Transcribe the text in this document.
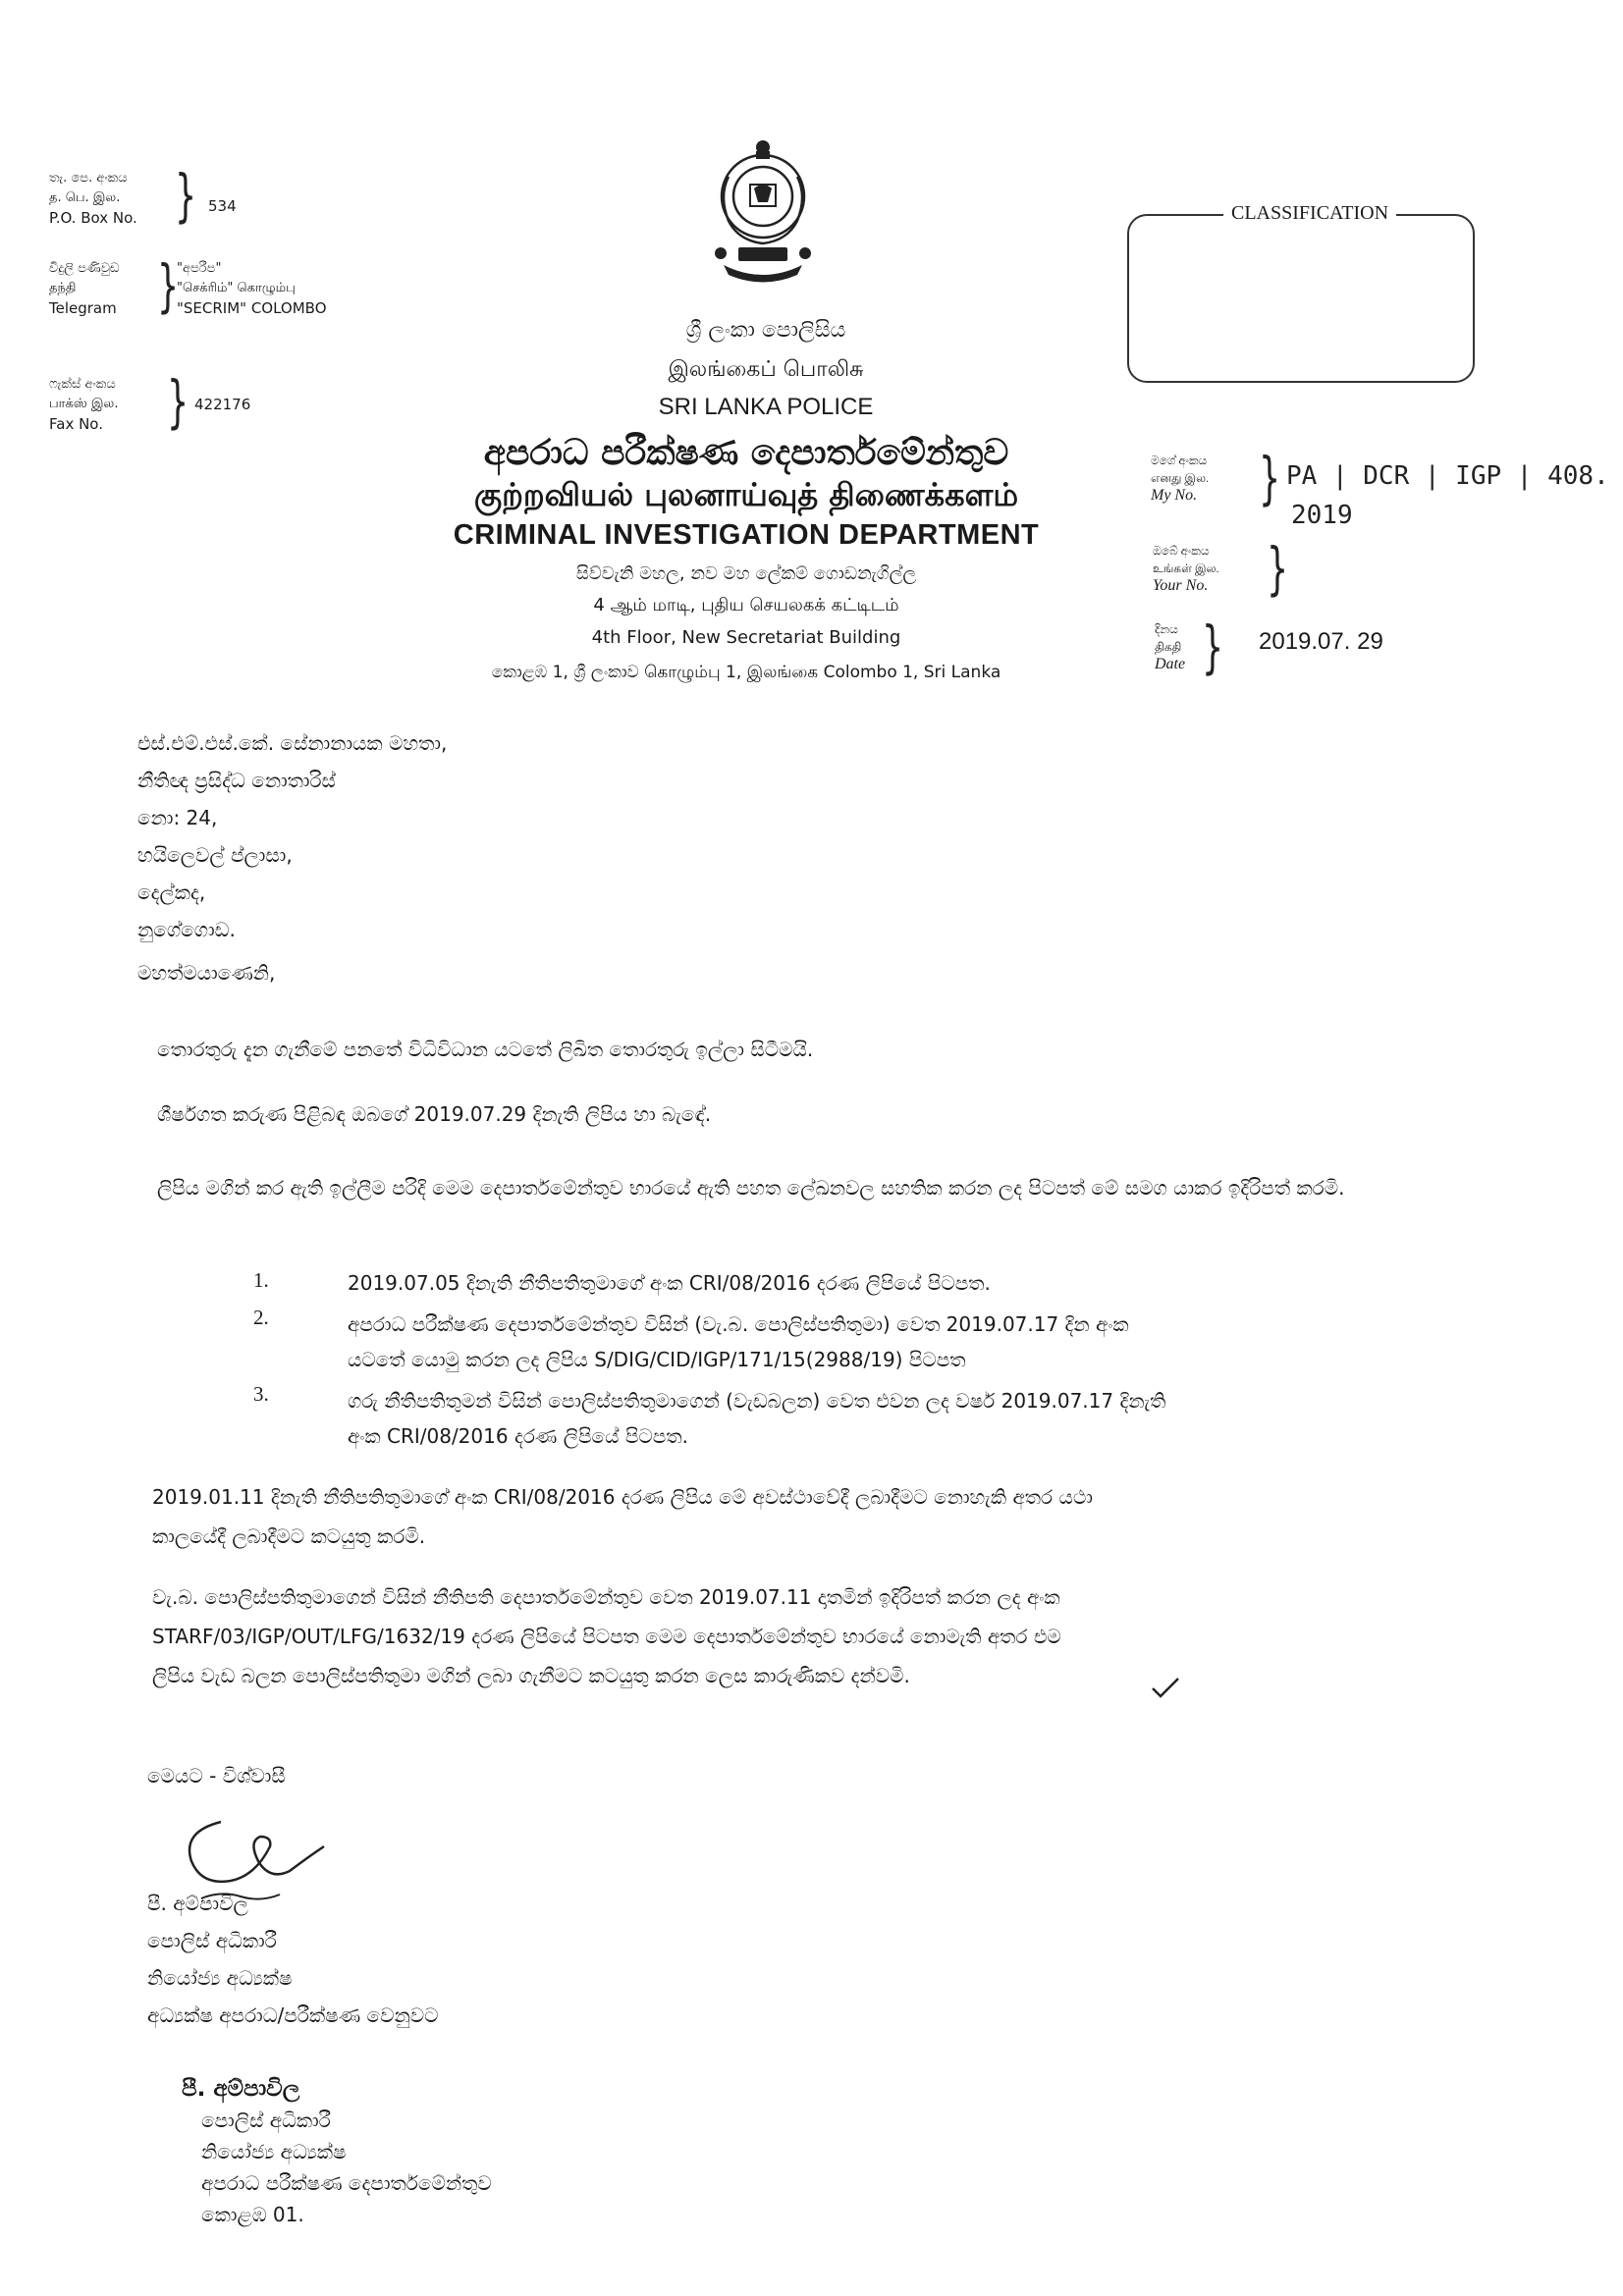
තැ. පෙ. අංකය
த. பெ. இல.
P.O. Box No. } 534
විදුලි පණිවුඩ
தந்தி
Telegram }
"අපරීප"
"செக்ரிம்" கொழும்பு
"SECRIM" COLOMBO
ෆැක්ස් අංකය
பாக்ஸ் இல.
Fax No.	} 422176
ශ්‍රී ලංකා පොලිසිය
இலங்கைப் பொலிசு
SRI LANKA POLICE
අපරාධ පරීක්ෂණ දෙපාර්තමේන්තුව
குற்றவியல் புலனாய்வுத் திணைக்களம்
CRIMINAL INVESTIGATION DEPARTMENT
සිව්වැනි මහල, නව මහ ලේකම් ගොඩනැගිල්ල
4 ஆம் மாடி, புதிய செயலகக் கட்டிடம்
4th Floor, New Secretariat Building
කොළඹ 1, ශ්‍රී ලංකාව கொழும்பு 1, இலங்கை Colombo 1, Sri Lanka
CLASSIFICATION
මගේ අංකය
எனது இல.
My No.	} PA | DCR | IGP | 408.
2019
ඔබේ අංකය
உங்கள் இல.
Your No.	}
දිනය
திகதி
Date } 2019.07. 29
එස්.එම්.එස්.කේ. සේනානායක මහතා,
නීතිඥ ප්‍රසිද්ධ නොතාරිස්
නො: 24,
හයිලෙවල් ප්ලාසා,
දෙල්කද,
නුගේගොඩ.
මහත්මයාණෙනි,
තොරතුරු දැන ගැනීමේ පනතේ විධිවිධාන යටතේ ලිඛිත තොරතුරු ඉල්ලා සිටීමයි.
ශීර්ෂගත කරුණ පිළිබඳ ඔබගේ 2019.07.29 දිනැති ලිපිය හා බැඳේ.
ලිපිය මගින් කර ඇති ඉල්ලීම පරිදි මෙම දෙපාර්තමේන්තුව භාරයේ ඇති පහත ලේඛනවල සහතික කරන ලද පිටපත් මේ සමග යාකර ඉදිරිපත් කරමි.
1.	2019.07.05 දිනැති නීතිපතිතුමාගේ අංක CRI/08/2016 දරණ ලිපියේ පිටපත.
2.	අපරාධ පරීක්ෂණ දෙපාර්තමේන්තුව විසින් (වැ.බ. පොලිස්පතිතුමා) වෙත 2019.07.17 දින අංක
යටතේ යොමු කරන ලද ලිපිය S/DIG/CID/IGP/171/15(2988/19) පිටපත
3.	ගරු නීතිපතිතුමන් විසින් පොලිස්පතිතුමාගෙන් (වැඩබලන) වෙත එවන ලද වර්ෂ 2019.07.17 දිනැති
අංක CRI/08/2016 දරණ ලිපියේ පිටපත.
2019.01.11 දිනැති නීතිපතිතුමාගේ අංක CRI/08/2016 දරණ ලිපිය මේ අවස්ථාවේදී ලබාදීමට නොහැකි අතර යථා
කාලයේදී ලබාදීමට කටයුතු කරමි.
වැ.බ. පොලිස්පතිතුමාගෙන් විසින් නීතිපති දෙපාර්තමේන්තුව වෙත 2019.07.11 දාතමින් ඉදිරිපත් කරන ලද අංක
STARF/03/IGP/OUT/LFG/1632/19 දරණ ලිපියේ පිටපත මෙම දෙපාර්තමේන්තුව භාරයේ නොමැති අතර එම
ලිපිය වැඩ බලන පොලිස්පතිතුමා මගින් ලබා ගැනීමට කටයුතු කරන ලෙස කාරුණිකව දන්වමි.
මෙයට - විශ්වාසී
පී. අම්පාවිල
පොලිස් අධිකාරී
නියෝජ්‍ය අධ්‍යක්ෂ
අධ්‍යක්ෂ අපරාධ/පරීක්ෂණ වෙනුවට
පී. අම්පාවිල
පොලිස් අධිකාරී
නියෝජ්‍ය අධ්‍යක්ෂ
අපරාධ පරීක්ෂණ දෙපාර්තමේන්තුව
කොළඹ 01.
